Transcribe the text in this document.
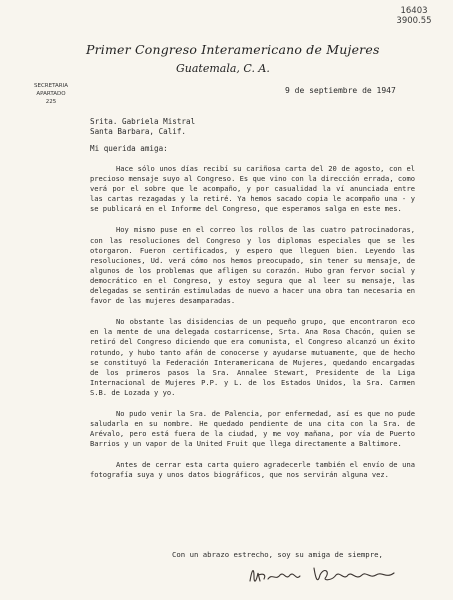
16403
3900.55
Primer Congreso Interamericano de Mujeres
Guatemala, C. A.
SECRETARIA
APARTADO
225
9 de septiembre de 1947
Srita. Gabriela Mistral
Santa Barbara, Calif.
Mi querida amiga:

Hace sólo unos días recibí su cariñosa carta del 20 de agosto, con el precioso mensaje suyo al Congreso. Es que vino con la dirección errada, como verá por el sobre que le acompaño, y por casualidad la ví anunciada entre las cartas rezagadas y la retiré. Ya hemos sacado copia le acompaño una - y se publicará en el Informe del Congreso, que esperamos salga en este mes.

Hoy mismo puse en el correo los rollos de las cuatro patrocinadoras, con las resoluciones del Congreso y los diplomas especiales que se les otorgaron. Fueron certificados, y espero que lleguen bien. Leyendo las resoluciones, Ud. verá cómo nos hemos preocupado, sin tener su mensaje, de algunos de los problemas que afligen su corazón. Hubo gran fervor social y democrático en el Congreso, y estoy segura que al leer su mensaje, las delegadas se sentirán estimuladas de nuevo a hacer una obra tan necesaria en favor de las mujeres desamparadas.

No obstante las disidencias de un pequeño grupo, que encontraron eco en la mente de una delegada costarricense, Srta. Ana Rosa Chacón, quien se retiró del Congreso diciendo que era comunista, el Congreso alcanzó un éxito rotundo, y hubo tanto afán de conocerse y ayudarse mutuamente, que de hecho se constituyó la Federación Interamericana de Mujeres, quedando encargadas de los primeros pasos la Sra. Annalee Stewart, Presidente de la Liga Internacional de Mujeres P.P. y L. de los Estados Unidos, la Sra. Carmen S.B. de Lozada y yo.

No pudo venir la Sra. de Palencia, por enfermedad, así es que no pude saludarla en su nombre. He quedado pendiente de una cita con la Sra. de Arévalo, pero está fuera de la ciudad, y me voy mañana, por vía de Puerto Barrios y un vapor de la United Fruit que llega directamente a Baltimore.

Antes de cerrar esta carta quiero agradecerle también el envío de una fotografía suya y unos datos biográficos, que nos servirán alguna vez.

Con un abrazo estrecho, soy su amiga de siempre,
